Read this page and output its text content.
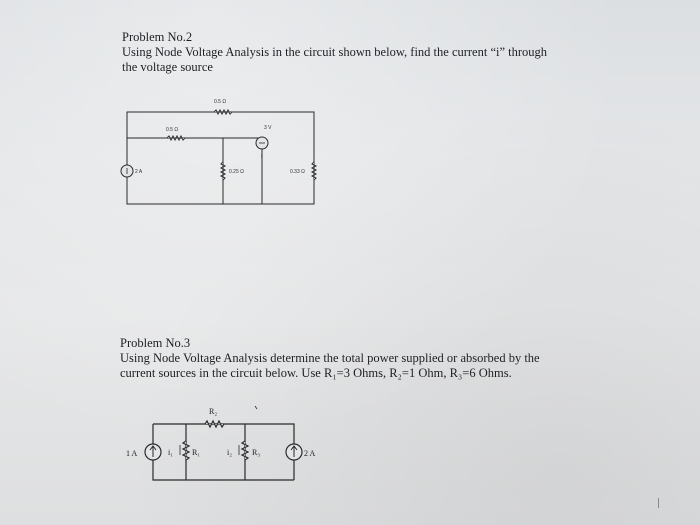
Problem No.2
Using Node Voltage Analysis in the circuit shown below, find the current “i” through
the voltage source
0.5 Ω
0.5 Ω	3 V
i
2 A	0.25 Ω	0.33 Ω
Problem No.3
Using Node Voltage Analysis determine the total power supplied or absorbed by the
current sources in the circuit below. Use R₁=3 Ohms, R₂=1 Ohm, R₃=6 Ohms.
R₂
R₁	R₃
i₁	i₂
1 A	2 A
